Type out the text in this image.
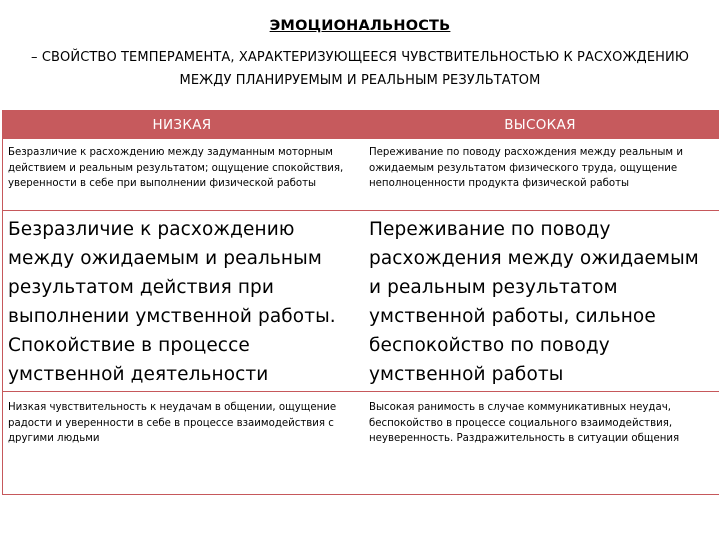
ЭМОЦИОНАЛЬНОСТЬ
– СВОЙСТВО ТЕМПЕРАМЕНТА, ХАРАКТЕРИЗУЮЩЕЕСЯ ЧУВСТВИТЕЛЬНОСТЬЮ К РАСХОЖДЕНИЮ МЕЖДУ ПЛАНИРУЕМЫМ И РЕАЛЬНЫМ РЕЗУЛЬТАТОМ
НИЗКАЯ	ВЫСОКАЯ
Безразличие к расхождению между задуманным моторным действием и реальным результатом; ощущение спокойствия, уверенности в себе при выполнении физической работы
Переживание по поводу расхождения между реальным и ожидаемым результатом физического труда, ощущение неполноценности продукта физической работы
Безразличие к расхождению между ожидаемым и реальным результатом действия при выполнении умственной работы. Спокойствие в процессе умственной деятельности
Переживание по поводу расхождения между ожидаемым и реальным результатом умственной работы, сильное беспокойство по поводу умственной работы
Низкая чувствительность к неудачам в общении, ощущение радости и уверенности в себе в процессе взаимодействия с другими людьми
Высокая ранимость в случае коммуникативных неудач, беспокойство в процессе социального взаимодействия, неуверенность. Раздражительность в ситуации общения
